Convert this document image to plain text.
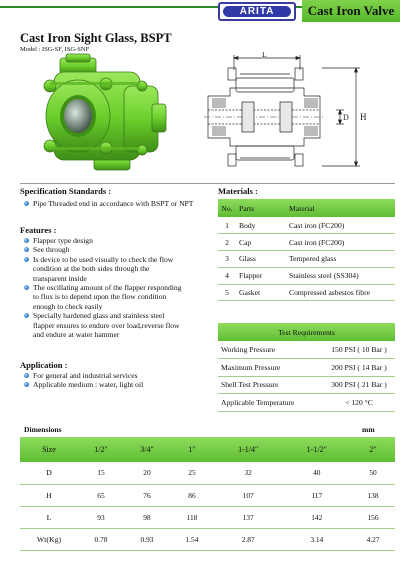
ARITA	Cast Iron Valve
Cast Iron Sight Glass, BSPT
Model : ISG-SF, ISG-SNF
L
D H
Specification Standards :
Pipe Threaded end in accordance with BSPT or NPT
Features :
Flapper type design
See through
Is device to be used visually to check the flow
condition at the both sides through the
transparent inside
The oscillating amount of the flapper responding
to flux is to depend upon the flow condition
enough to check easily
Specially hardened glass and stainless steel
flapper ensures to endure over load,reverse flow
and endure at water hammer
Application :
For general and industrial services
Applicable medium : water, light oil
Materials :
No.	Parts	Material
1	Body	Cast iron (FC200)
2	Cap	Cast iron (FC200)
3	Glass	Tempered glass
4	Flapper	Stainless steel (SS304)
5	Gasket	Compressed asbestos fibre
Test Requirements	
Working Pressure	150 PSI ( 10 Bar )
Maximum Pressure	200 PSI ( 14 Bar )
Shell Test Pressure	300 PSI ( 21 Bar )
Applicable Temperature	< 120 °C
Dimensions	mm
Size	1/2″	3/4″	1″	1-1/4″	1-1/2″	2″
D	15	20	25	32	40	50
H	65	76	86	107	117	138
L	93	98	118	137	142	156
Wt(Kg)	0.78	0.93	1.54	2.87	3.14	4.27
